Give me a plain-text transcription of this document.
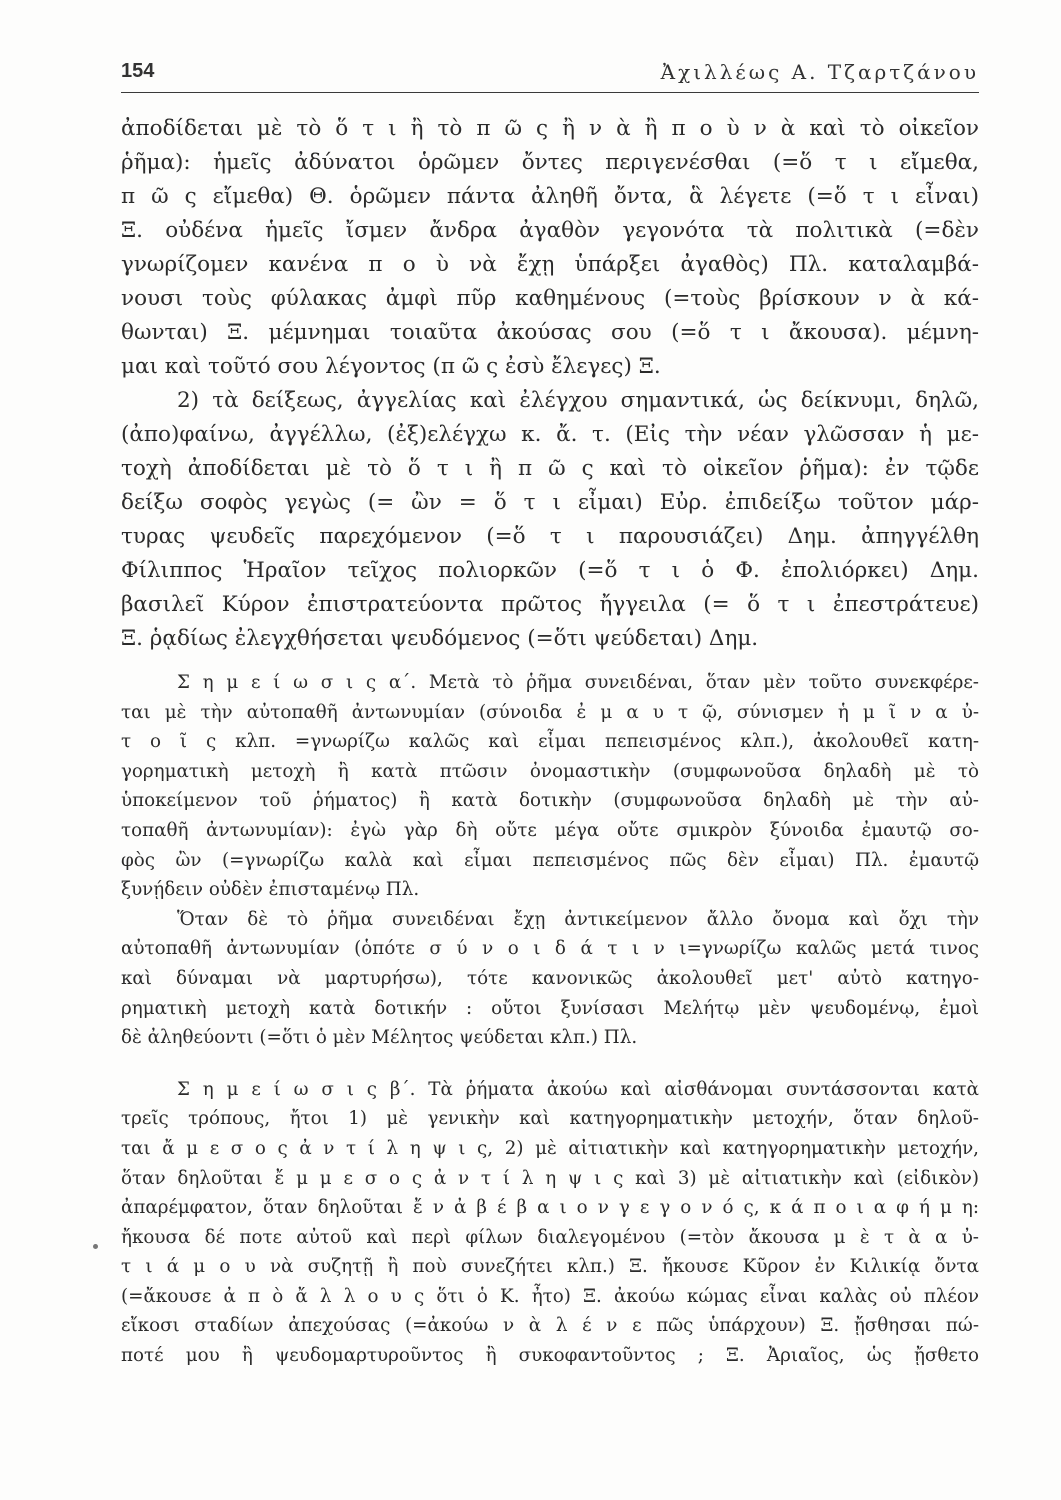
154	Ἀχιλλέως Α. Τζαρτζάνου
ἀποδίδεται μὲ τὸ ὅ τ ι ἢ τὸ π ῶ ς ἢ ν ὰ ἢ π ο ὺ ν ὰ καὶ τὸ οἰκεῖον
ῥῆμα): ἡμεῖς ἀδύνατοι ὁρῶμεν ὄντες περιγενέσθαι (=ὅ τ ι εἴμεθα,
π ῶ ς εἴμεθα) Θ. ὁρῶμεν πάντα ἀληθῆ ὄντα, ἃ λέγετε (=ὅ τ ι εἶναι)
Ξ. οὐδένα ἡμεῖς ἴσμεν ἄνδρα ἀγαθὸν γεγονότα τὰ πολιτικὰ (=δὲν
γνωρίζομεν κανένα π ο ὺ νὰ ἔχῃ ὑπάρξει ἀγαθὸς) Πλ. καταλαμβά-
νουσι τοὺς φύλακας ἀμφὶ πῦρ καθημένους (=τοὺς βρίσκουν ν ὰ κά-
θωνται) Ξ. μέμνημαι τοιαῦτα ἀκούσας σου (=ὅ τ ι ἄκουσα). μέμνη-
μαι καὶ τοῦτό σου λέγοντος (π ῶ ς ἐσὺ ἔλεγες) Ξ.
2) τὰ δείξεως, ἀγγελίας καὶ ἐλέγχου σημαντικά, ὡς δείκνυμι, δηλῶ,
(ἀπο)φαίνω, ἀγγέλλω, (ἐξ)ελέγχω κ. ἄ. τ. (Εἰς τὴν νέαν γλῶσσαν ἡ με-
τοχὴ ἀποδίδεται μὲ τὸ ὅ τ ι ἢ π ῶ ς καὶ τὸ οἰκεῖον ῥῆμα): ἐν τῷδε
δείξω σοφὸς γεγὼς (= ὢν = ὅ τ ι εἶμαι) Εὐρ. ἐπιδείξω τοῦτον μάρ-
τυρας ψευδεῖς παρεχόμενον (=ὅ τ ι παρουσιάζει) Δημ. ἀπηγγέλθη
Φίλιππος Ἡραῖον τεῖχος πολιορκῶν (=ὅ τ ι ὁ Φ. ἐπολιόρκει) Δημ.
βασιλεῖ Κύρον ἐπιστρατεύοντα πρῶτος ἤγγειλα (= ὅ τ ι ἐπεστράτευε)
Ξ. ῥᾳδίως ἐλεγχθήσεται ψευδόμενος (=ὅτι ψεύδεται) Δημ.
Σ η μ ε ί ω σ ι ς α΄. Μετὰ τὸ ῥῆμα συνειδέναι, ὅταν μὲν τοῦτο συνεκφέρε-
ται μὲ τὴν αὐτοπαθῆ ἀντωνυμίαν (σύνοιδα ἐ μ α υ τ ῷ, σύνισμεν ἡ μ ῖ ν α ὐ-
τ ο ῖ ς κλπ. =γνωρίζω καλῶς καὶ εἶμαι πεπεισμένος κλπ.), ἀκολουθεῖ κατη-
γορηματικὴ μετοχὴ ἢ κατὰ πτῶσιν ὀνομαστικὴν (συμφωνοῦσα δηλαδὴ μὲ τὸ
ὑποκείμενον τοῦ ῥήματος) ἢ κατὰ δοτικὴν (συμφωνοῦσα δηλαδὴ μὲ τὴν αὐ-
τοπαθῆ ἀντωνυμίαν): ἐγὼ γὰρ δὴ οὔτε μέγα οὔτε σμικρὸν ξύνοιδα ἐμαυτῷ σο-
φὸς ὢν (=γνωρίζω καλὰ καὶ εἶμαι πεπεισμένος πῶς δὲν εἶμαι) Πλ. ἐμαυτῷ
ξυνῄδειν οὐδὲν ἐπισταμένῳ Πλ.
Ὅταν δὲ τὸ ῥῆμα συνειδέναι ἔχῃ ἀντικείμενον ἄλλο ὄνομα καὶ ὄχι τὴν
αὐτοπαθῆ ἀντωνυμίαν (ὁπότε σ ύ ν ο ι δ ά τ ι ν ι=γνωρίζω καλῶς μετά τινος
καὶ δύναμαι νὰ μαρτυρήσω), τότε κανονικῶς ἀκολουθεῖ μετ' αὐτὸ κατηγο-
ρηματικὴ μετοχὴ κατὰ δοτικήν : οὔτοι ξυνίσασι Μελήτῳ μὲν ψευδομένῳ, ἐμοὶ
δὲ ἀληθεύοντι (=ὅτι ὁ μὲν Μέλητος ψεύδεται κλπ.) Πλ.
Σ η μ ε ί ω σ ι ς β΄. Τὰ ῥήματα ἀκούω καὶ αἰσθάνομαι συντάσσονται κατὰ
τρεῖς τρόπους, ἤτοι 1) μὲ γενικὴν καὶ κατηγορηματικὴν μετοχήν, ὅταν δηλοῦ-
ται ἄ μ ε σ ο ς ἀ ν τ ί λ η ψ ι ς, 2) μὲ αἰτιατικὴν καὶ κατηγορηματικὴν μετοχήν,
ὅταν δηλοῦται ἔ μ μ ε σ ο ς ἀ ν τ ί λ η ψ ι ς καὶ 3) μὲ αἰτιατικὴν καὶ (εἰδικὸν)
ἀπαρέμφατον, ὅταν δηλοῦται ἔ ν ἀ β έ β α ι ο ν γ ε γ ο ν ό ς, κ ά π ο ι α φ ή μ η:
ἤκουσα δέ ποτε αὐτοῦ καὶ περὶ φίλων διαλεγομένου (=τὸν ἄκουσα μ ὲ τ ὰ α ὐ-
τ ι ά μ ο υ νὰ συζητῇ ἢ ποὺ συνεζήτει κλπ.) Ξ. ἤκουσε Κῦρον ἐν Κιλικίᾳ ὄντα
(=ἄκουσε ἀ π ὸ ἄ λ λ ο υ ς ὅτι ὁ Κ. ἦτο) Ξ. ἀκούω κώμας εἶναι καλὰς οὐ πλέον
εἴκοσι σταδίων ἀπεχούσας (=ἀκούω ν ὰ λ έ ν ε πῶς ὑπάρχουν) Ξ. ᾔσθησαι πώ-
ποτέ μου ἢ ψευδομαρτυροῦντος ἢ συκοφαντοῦντος ; Ξ. Ἀριαῖος, ὡς ᾔσθετο
